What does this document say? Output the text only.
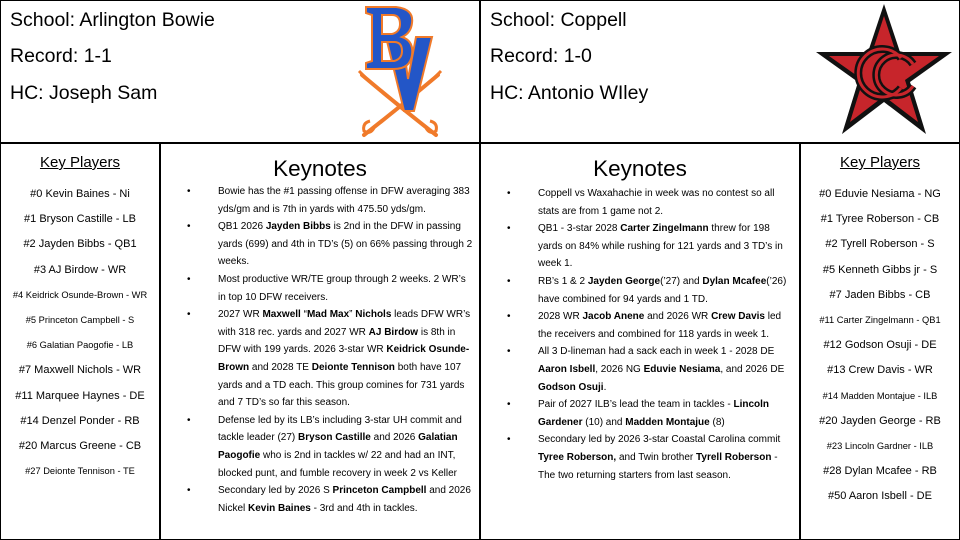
School: Arlington Bowie
Record: 1-1
HC: Joseph Sam
School: Coppell
Record: 1-0
HC: Antonio WIley
Key Players
#0 Kevin Baines - Ni
#1 Bryson Castille - LB
#2 Jayden Bibbs - QB1
#3 AJ Birdow - WR
#4 Keidrick Osunde-Brown - WR
#5 Princeton Campbell - S
#6 Galatian Paogofie - LB
#7 Maxwell Nichols - WR
#11 Marquee Haynes - DE
#14 Denzel Ponder - RB
#20 Marcus Greene - CB
#27 Deionte Tennison - TE
Keynotes
• Bowie has the #1 passing offense in DFW averaging 383 yds/gm and is 7th in yards with 475.50 yds/gm.
• QB1 2026 Jayden Bibbs is 2nd in the DFW in passing yards (699) and 4th in TD’s (5) on 66% passing through 2 weeks.
• Most productive WR/TE group through 2 weeks. 2 WR’s in top 10 DFW receivers.
• 2027 WR Maxwell “Mad Max” Nichols leads DFW WR’s with 318 rec. yards and 2027 WR AJ Birdow is 8th in DFW with 199 yards. 2026 3-star WR Keidrick Osunde-Brown and 2028 TE Deionte Tennison both have 107 yards and a TD each. This group comines for 731 yards and 7 TD’s so far this season.
• Defense led by its LB’s including 3-star UH commit and tackle leader (27) Bryson Castille and 2026 Galatian Paogofie who is 2nd in tackles w/ 22 and had an INT, blocked punt, and fumble recovery in week 2 vs Keller
• Secondary led by 2026 S Princeton Campbell and 2026 Nickel Kevin Baines - 3rd and 4th in tackles.
Keynotes
• Coppell vs Waxahachie in week was no contest so all stats are from 1 game not 2.
• QB1 - 3-star 2028 Carter Zingelmann threw for 198 yards on 84% while rushing for 121 yards and 3 TD’s in week 1.
• RB’s 1 & 2 Jayden George(’27) and Dylan Mcafee(’26) have combined for 94 yards and 1 TD.
• 2028 WR Jacob Anene and 2026 WR Crew Davis led the receivers and combined for 118 yards in week 1.
• All 3 D-lineman had a sack each in week 1 - 2028 DE Aaron Isbell, 2026 NG Eduvie Nesiama, and 2026 DE Godson Osuji.
• Pair of 2027 ILB’s lead the team in tackles - Lincoln Gardener (10) and Madden Montajue (8)
• Secondary led by 2026 3-star Coastal Carolina commit Tyree Roberson, and Twin brother Tyrell Roberson - The two returning starters from last season.
Key Players
#0 Eduvie Nesiama - NG
#1 Tyree Roberson - CB
#2 Tyrell Roberson - S
#5 Kenneth Gibbs jr - S
#7 Jaden Bibbs - CB
#11 Carter Zingelmann - QB1
#12 Godson Osuji - DE
#13 Crew Davis - WR
#14 Madden Montajue - ILB
#20 Jayden George - RB
#23 Lincoln Gardner - ILB
#28 Dylan Mcafee - RB
#50 Aaron Isbell - DE
